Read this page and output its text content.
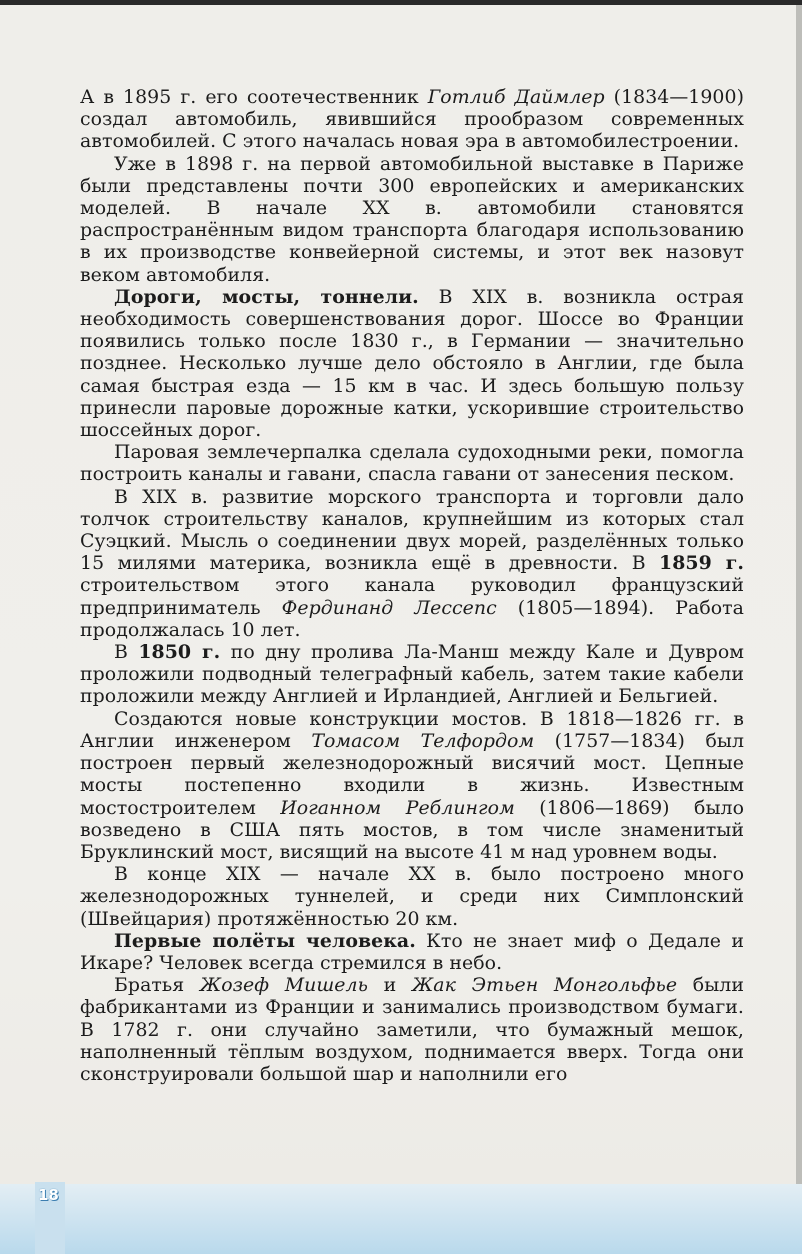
А в 1895 г. его соотечественник Готлиб Даймлер (1834—1900) создал автомобиль, явившийся прообразом современных автомобилей. С этого началась новая эра в автомобилестроении.

Уже в 1898 г. на первой автомобильной выставке в Париже были представлены почти 300 европейских и американских моделей. В начале XX в. автомобили становятся распространённым видом транспорта благодаря использованию в их производстве конвейерной системы, и этот век назовут веком автомобиля.

Дороги, мосты, тоннели. В XIX в. возникла острая необходимость совершенствования дорог. Шоссе во Франции появились только после 1830 г., в Германии — значительно позднее. Несколько лучше дело обстояло в Англии, где была самая быстрая езда — 15 км в час. И здесь большую пользу принесли паровые дорожные катки, ускорившие строительство шоссейных дорог.

Паровая землечерпалка сделала судоходными реки, помогла построить каналы и гавани, спасла гавани от занесения песком.

В XIX в. развитие морского транспорта и торговли дало толчок строительству каналов, крупнейшим из которых стал Суэцкий. Мысль о соединении двух морей, разделённых только 15 милями материка, возникла ещё в древности. В 1859 г. строительством этого канала руководил французский предприниматель Фердинанд Лессепс (1805—1894). Работа продолжалась 10 лет.

В 1850 г. по дну пролива Ла-Манш между Кале и Дувром проложили подводный телеграфный кабель, затем такие кабели проложили между Англией и Ирландией, Англией и Бельгией.

Создаются новые конструкции мостов. В 1818—1826 гг. в Англии инженером Томасом Телфордом (1757—1834) был построен первый железнодорожный висячий мост. Цепные мосты постепенно входили в жизнь. Известным мостостроителем Иоганном Реблингом (1806—1869) было возведено в США пять мостов, в том числе знаменитый Бруклинский мост, висящий на высоте 41 м над уровнем воды.

В конце XIX — начале XX в. было построено много железнодорожных туннелей, и среди них Симплонский (Швейцария) протяжённостью 20 км.

Первые полёты человека. Кто не знает миф о Дедале и Икаре? Человек всегда стремился в небо.

Братья Жозеф Мишель и Жак Этьен Монгольфье были фабрикантами из Франции и занимались производством бумаги. В 1782 г. они случайно заметили, что бумажный мешок, наполненный тёплым воздухом, поднимается вверх. Тогда они сконструировали большой шар и наполнили его

18
